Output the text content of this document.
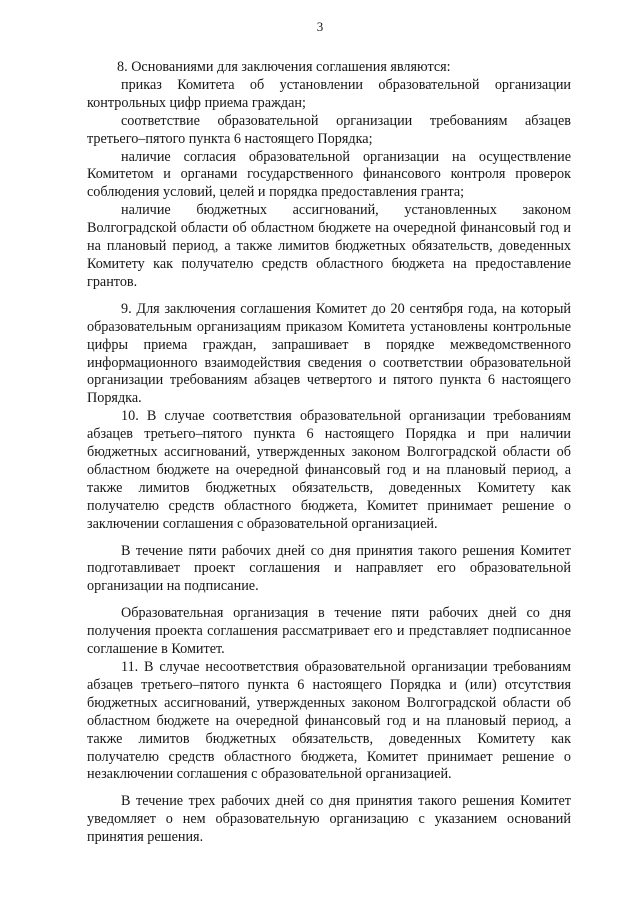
3

8. Основаниями для заключения соглашения являются:

приказ Комитета об установлении образовательной организации контрольных цифр приема граждан;

соответствие образовательной организации требованиям абзацев третьего–пятого пункта 6 настоящего Порядка;

наличие согласия образовательной организации на осуществление Комитетом и органами государственного финансового контроля проверок соблюдения условий, целей и порядка предоставления гранта;

наличие бюджетных ассигнований, установленных законом Волгоградской области об областном бюджете на очередной финансовый год и на плановый период, а также лимитов бюджетных обязательств, доведенных Комитету как получателю средств областного бюджета на предоставление грантов.

9. Для заключения соглашения Комитет до 20 сентября года, на который образовательным организациям приказом Комитета установлены контрольные цифры приема граждан, запрашивает в порядке межведомственного информационного взаимодействия сведения о соответствии образовательной организации требованиям абзацев четвертого и пятого пункта 6 настоящего Порядка.

10. В случае соответствия образовательной организации требованиям абзацев третьего–пятого пункта 6 настоящего Порядка и при наличии бюджетных ассигнований, утвержденных законом Волгоградской области об областном бюджете на очередной финансовый год и на плановый период, а также лимитов бюджетных обязательств, доведенных Комитету как получателю средств областного бюджета, Комитет принимает решение о заключении соглашения с образовательной организацией.

В течение пяти рабочих дней со дня принятия такого решения Комитет подготавливает проект соглашения и направляет его образовательной организации на подписание.

Образовательная организация в течение пяти рабочих дней со дня получения проекта соглашения рассматривает его и представляет подписанное соглашение в Комитет.

11. В случае несоответствия образовательной организации требованиям абзацев третьего–пятого пункта 6 настоящего Порядка и (или) отсутствия бюджетных ассигнований, утвержденных законом Волгоградской области об областном бюджете на очередной финансовый год и на плановый период, а также лимитов бюджетных обязательств, доведенных Комитету как получателю средств областного бюджета, Комитет принимает решение о незаключении соглашения с образовательной организацией.

В течение трех рабочих дней со дня принятия такого решения Комитет уведомляет о нем образовательную организацию с указанием оснований принятия решения.
